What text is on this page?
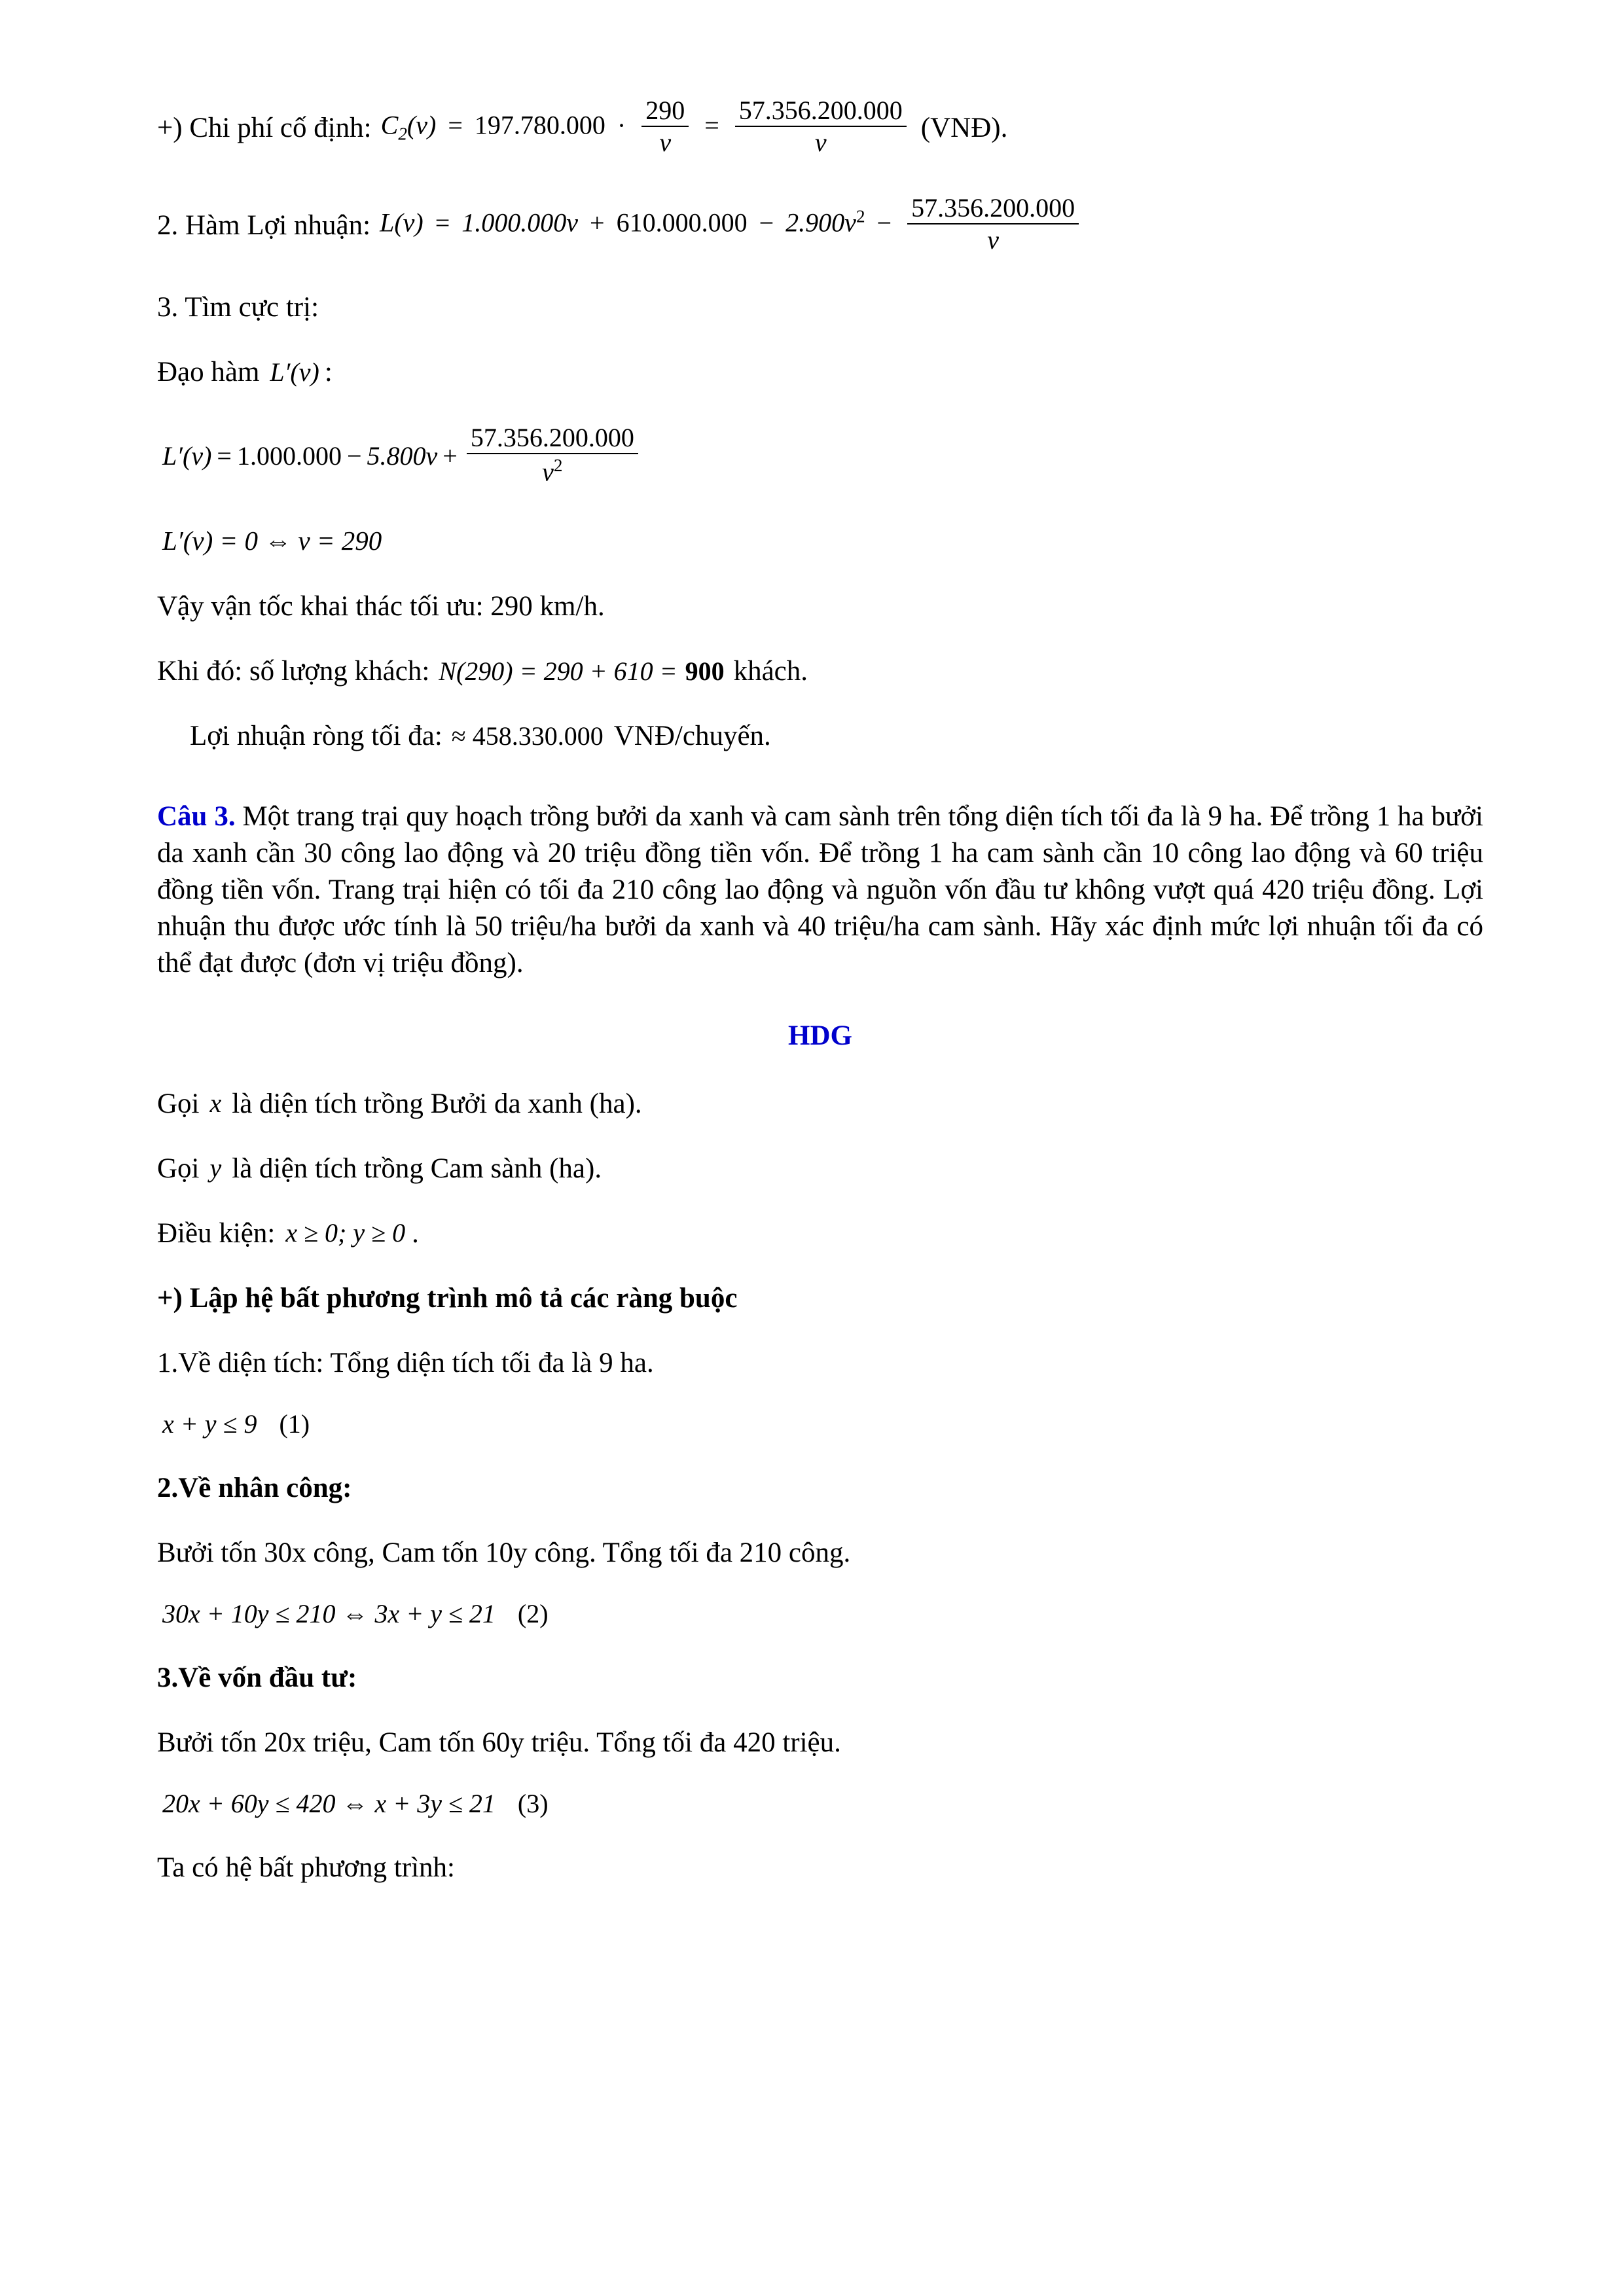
+) Chi phí cố định: $C_2(v) = 197.780.000 \cdot \frac{290}{v} = \frac{57.356.200.000}{v}$ (VNĐ).
2. Hàm Lợi nhuận: $L(v) = 1.000.000v + 610.000.000 - 2.900v^2 - \frac{57.356.200.000}{v}$
3. Tìm cực trị:
Đạo hàm L′(v) :
$L'(v) = 1.000.000 - 5.800v + \frac{57.356.200.000}{v^2}$
L′(v) = 0 ⇔ v = 290
Vậy vận tốc khai thác tối ưu: 290 km/h.
Khi đó: số lượng khách: N(290) = 290 + 610 = 900 khách.
Lợi nhuận ròng tối đa: ≈ 458.330.000 VNĐ/chuyến.
Câu 3. Một trang trại quy hoạch trồng bưởi da xanh và cam sành trên tổng diện tích tối đa là 9 ha. Để trồng 1 ha bưởi da xanh cần 30 công lao động và 20 triệu đồng tiền vốn. Để trồng 1 ha cam sành cần 10 công lao động và 60 triệu đồng tiền vốn. Trang trại hiện có tối đa 210 công lao động và nguồn vốn đầu tư không vượt quá 420 triệu đồng. Lợi nhuận thu được ước tính là 50 triệu/ha bưởi da xanh và 40 triệu/ha cam sành. Hãy xác định mức lợi nhuận tối đa có thể đạt được (đơn vị triệu đồng).
HDG
Gọi x là diện tích trồng Bưởi da xanh (ha).
Gọi y là diện tích trồng Cam sành (ha).
Điều kiện: x ≥ 0; y ≥ 0 .
+) Lập hệ bất phương trình mô tả các ràng buộc
1.Về diện tích: Tổng diện tích tối đa là 9 ha.
x + y ≤ 9 (1)
2.Về nhân công:
Bưởi tốn 30x công, Cam tốn 10y công. Tổng tối đa 210 công.
30x + 10y ≤ 210 ⇔ 3x + y ≤ 21 (2)
3.Về vốn đầu tư:
Bưởi tốn 20x triệu, Cam tốn 60y triệu. Tổng tối đa 420 triệu.
20x + 60y ≤ 420 ⇔ x + 3y ≤ 21 (3)
Ta có hệ bất phương trình:
